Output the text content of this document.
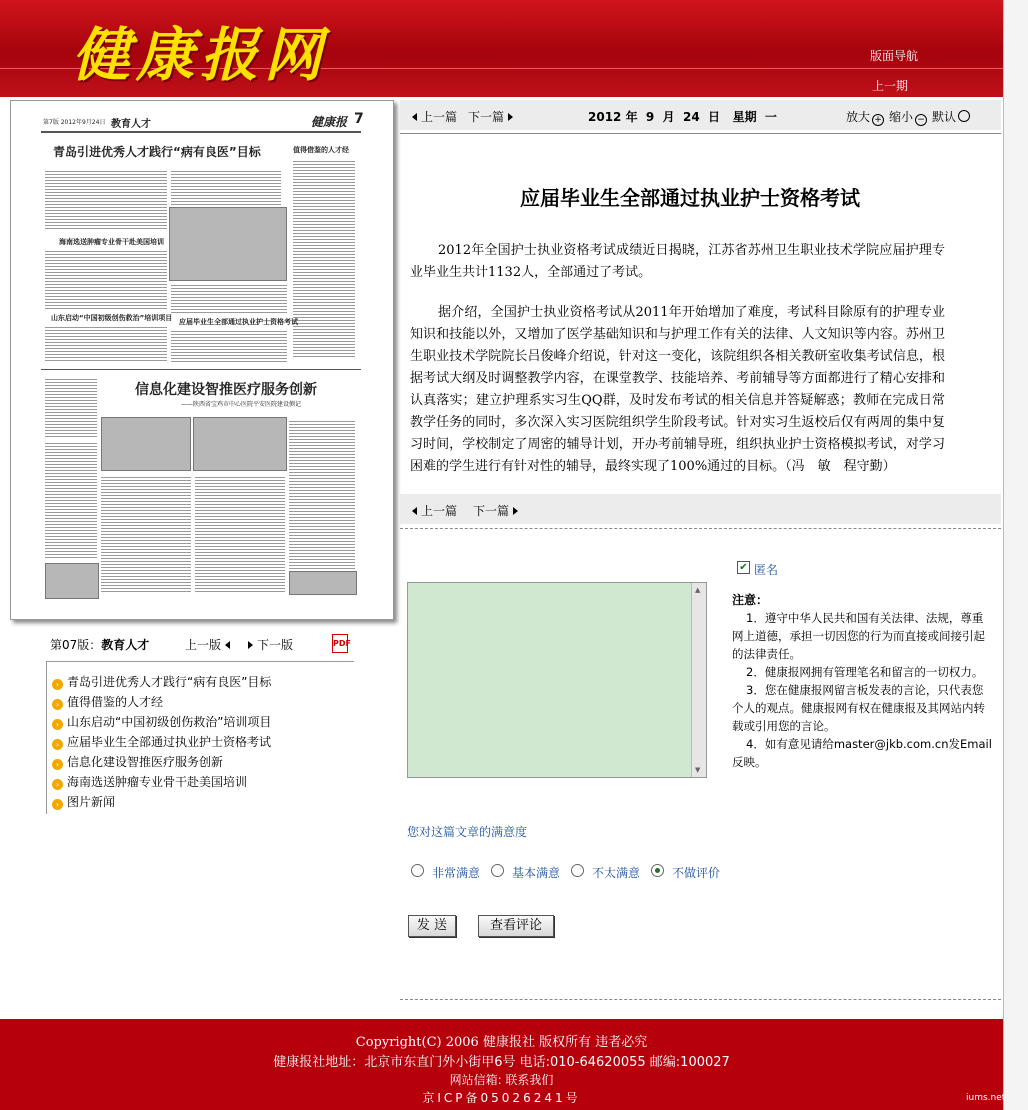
健康报网	版面导航
上一期
第7版 2012年9月24日 教育人才	健康报 7
青岛引进优秀人才践行“病有良医”目标	值得借鉴的人才经
海南选送肿瘤专业骨干赴美国培训
山东启动“中国初级创伤救治”培训项目 应届毕业生全部通过执业护士资格考试
信息化建设智推医疗服务创新
——陕西省宝鸡市中心医院平安医院建设侧记
第07版：教育人才	上一版	下一版	PDF
› 青岛引进优秀人才践行“病有良医”目标
› 值得借鉴的人才经
› 山东启动“中国初级创伤救治”培训项目
› 应届毕业生全部通过执业护士资格考试
› 信息化建设智推医疗服务创新
› 海南选送肿瘤专业骨干赴美国培训
› 图片新闻
上一篇 下一篇	2012 年  9  月  24  日   星期  一	放大 + 缩小 − 默认
应届毕业生全部通过执业护士资格考试
2012年全国护士执业资格考试成绩近日揭晓，江苏省苏州卫生职业技术学院应届护理专业毕业生共计1132人，全部通过了考试。
据介绍，全国护士执业资格考试从2011年开始增加了难度，考试科目除原有的护理专业知识和技能以外，又增加了医学基础知识和与护理工作有关的法律、人文知识等内容。苏州卫生职业技术学院院长吕俊峰介绍说，针对这一变化，该院组织各相关教研室收集考试信息，根据考试大纲及时调整教学内容，在课堂教学、技能培养、考前辅导等方面都进行了精心安排和认真落实；建立护理系实习生QQ群，及时发布考试的相关信息并答疑解惑；教师在完成日常教学任务的同时，多次深入实习医院组织学生阶段考试。针对实习生返校后仅有两周的集中复习时间，学校制定了周密的辅导计划，开办考前辅导班，组织执业护士资格模拟考试，对学习困难的学生进行有针对性的辅导，最终实现了100%通过的目标。（冯　敏　程守勤）
上一篇 下一篇
▲
▼
✔ 匿名
注意：
1．遵守中华人民共和国有关法律、法规，尊重网上道德，承担一切因您的行为而直接或间接引起的法律责任。
2．健康报网拥有管理笔名和留言的一切权力。
3．您在健康报网留言板发表的言论，只代表您个人的观点。健康报网有权在健康报及其网站内转载或引用您的言论。
4．如有意见请给master@jkb.com.cn发Email反映。
您对这篇文章的满意度
非常满意	基本满意	不太满意	不做评价
发 送	查看评论
Copyright(C) 2006 健康报社 版权所有 违者必究
健康报社地址：北京市东直门外小街甲6号 电话:010-64620055 邮编:100027
网站信箱: 联系我们
京ICP备05026241号	iums.net
